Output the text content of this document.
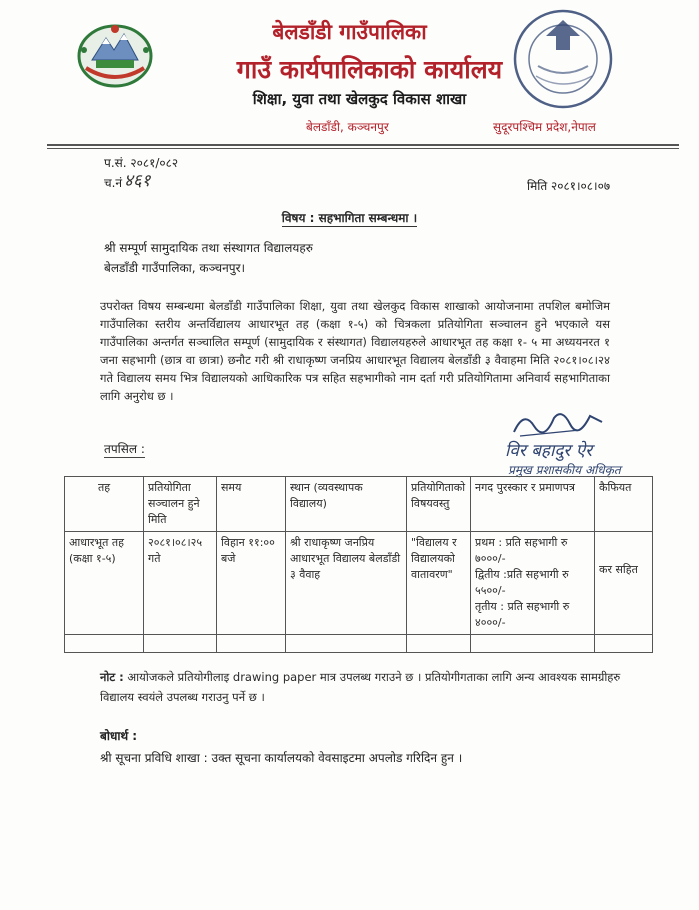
बेलडाँडी गाउँपालिका
गाउँ कार्यपालिकाको कार्यालय
शिक्षा, युवा तथा खेलकुद विकास शाखा
बेलडाँडी, कञ्चनपुर	सुदूरपश्चिम प्रदेश,नेपाल
प.सं. २०८१/०८२
च.नं ४६१	मिति २०८१।०८।०७
विषय : सहभागिता सम्बन्धमा ।
श्री सम्पूर्ण सामुदायिक तथा संस्थागत विद्यालयहरु
बेलडाँडी गाउँपालिका, कञ्चनपुर।
उपरोक्त विषय सम्बन्धमा बेलडाँडी गाउँपालिका शिक्षा, युवा तथा खेलकुद विकास शाखाको आयोजनामा तपशिल बमोजिम गाउँपालिका स्तरीय अन्तर्विद्यालय आधारभूत तह (कक्षा १-५) को चित्रकला प्रतियोगिता सञ्चालन हुने भएकाले यस गाउँपालिका अन्तर्गत सञ्चालित सम्पूर्ण (सामुदायिक र संस्थागत) विद्यालयहरुले आधारभूत तह कक्षा १- ५ मा अध्ययनरत १ जना सहभागी (छात्र वा छात्रा) छनौट गरी श्री राधाकृष्ण जनप्रिय आधारभूत विद्यालय बेलडाँडी ३ वैवाहमा मिति २०८१।०८।२४ गते विद्यालय समय भित्र विद्यालयको आधिकारिक पत्र सहित सहभागीको नाम दर्ता गरी प्रतियोगितामा अनिवार्य सहभागिताका लागि अनुरोध छ ।
विर बहादुर ऐर
प्रमुख प्रशासकीय अधिकृत
तपसिल :
तह	प्रतियोगिता सञ्चालन हुने मिति	समय	स्थान (व्यवस्थापक विद्यालय)	प्रतियोगिताको विषयवस्तु	नगद पुरस्कार र प्रमाणपत्र	कैफियत
आधारभूत तह (कक्षा १-५)	२०८१।०८।२५ गते	विहान ११:०० बजे	श्री राधाकृष्ण जनप्रिय आधारभूत विद्यालय बेलडाँडी ३ वैवाह	"विद्यालय र विद्यालयको वातावरण"	प्रथम : प्रति सहभागी रु ७०००/-
द्वितीय :प्रति सहभागी रु ५५००/-
तृतीय : प्रति सहभागी रु ४०००/-	कर सहित

नोट : आयोजकले प्रतियोगीलाइ drawing paper मात्र उपलब्ध गराउने छ । प्रतियोगीगताका लागि अन्य आवश्यक सामग्रीहरु विद्यालय स्वयंले उपलब्ध गराउनु पर्ने छ ।
बोधार्थ :
श्री सूचना प्रविधि शाखा : उक्त सूचना कार्यालयको वेवसाइटमा अपलोड गरिदिन हुन ।
